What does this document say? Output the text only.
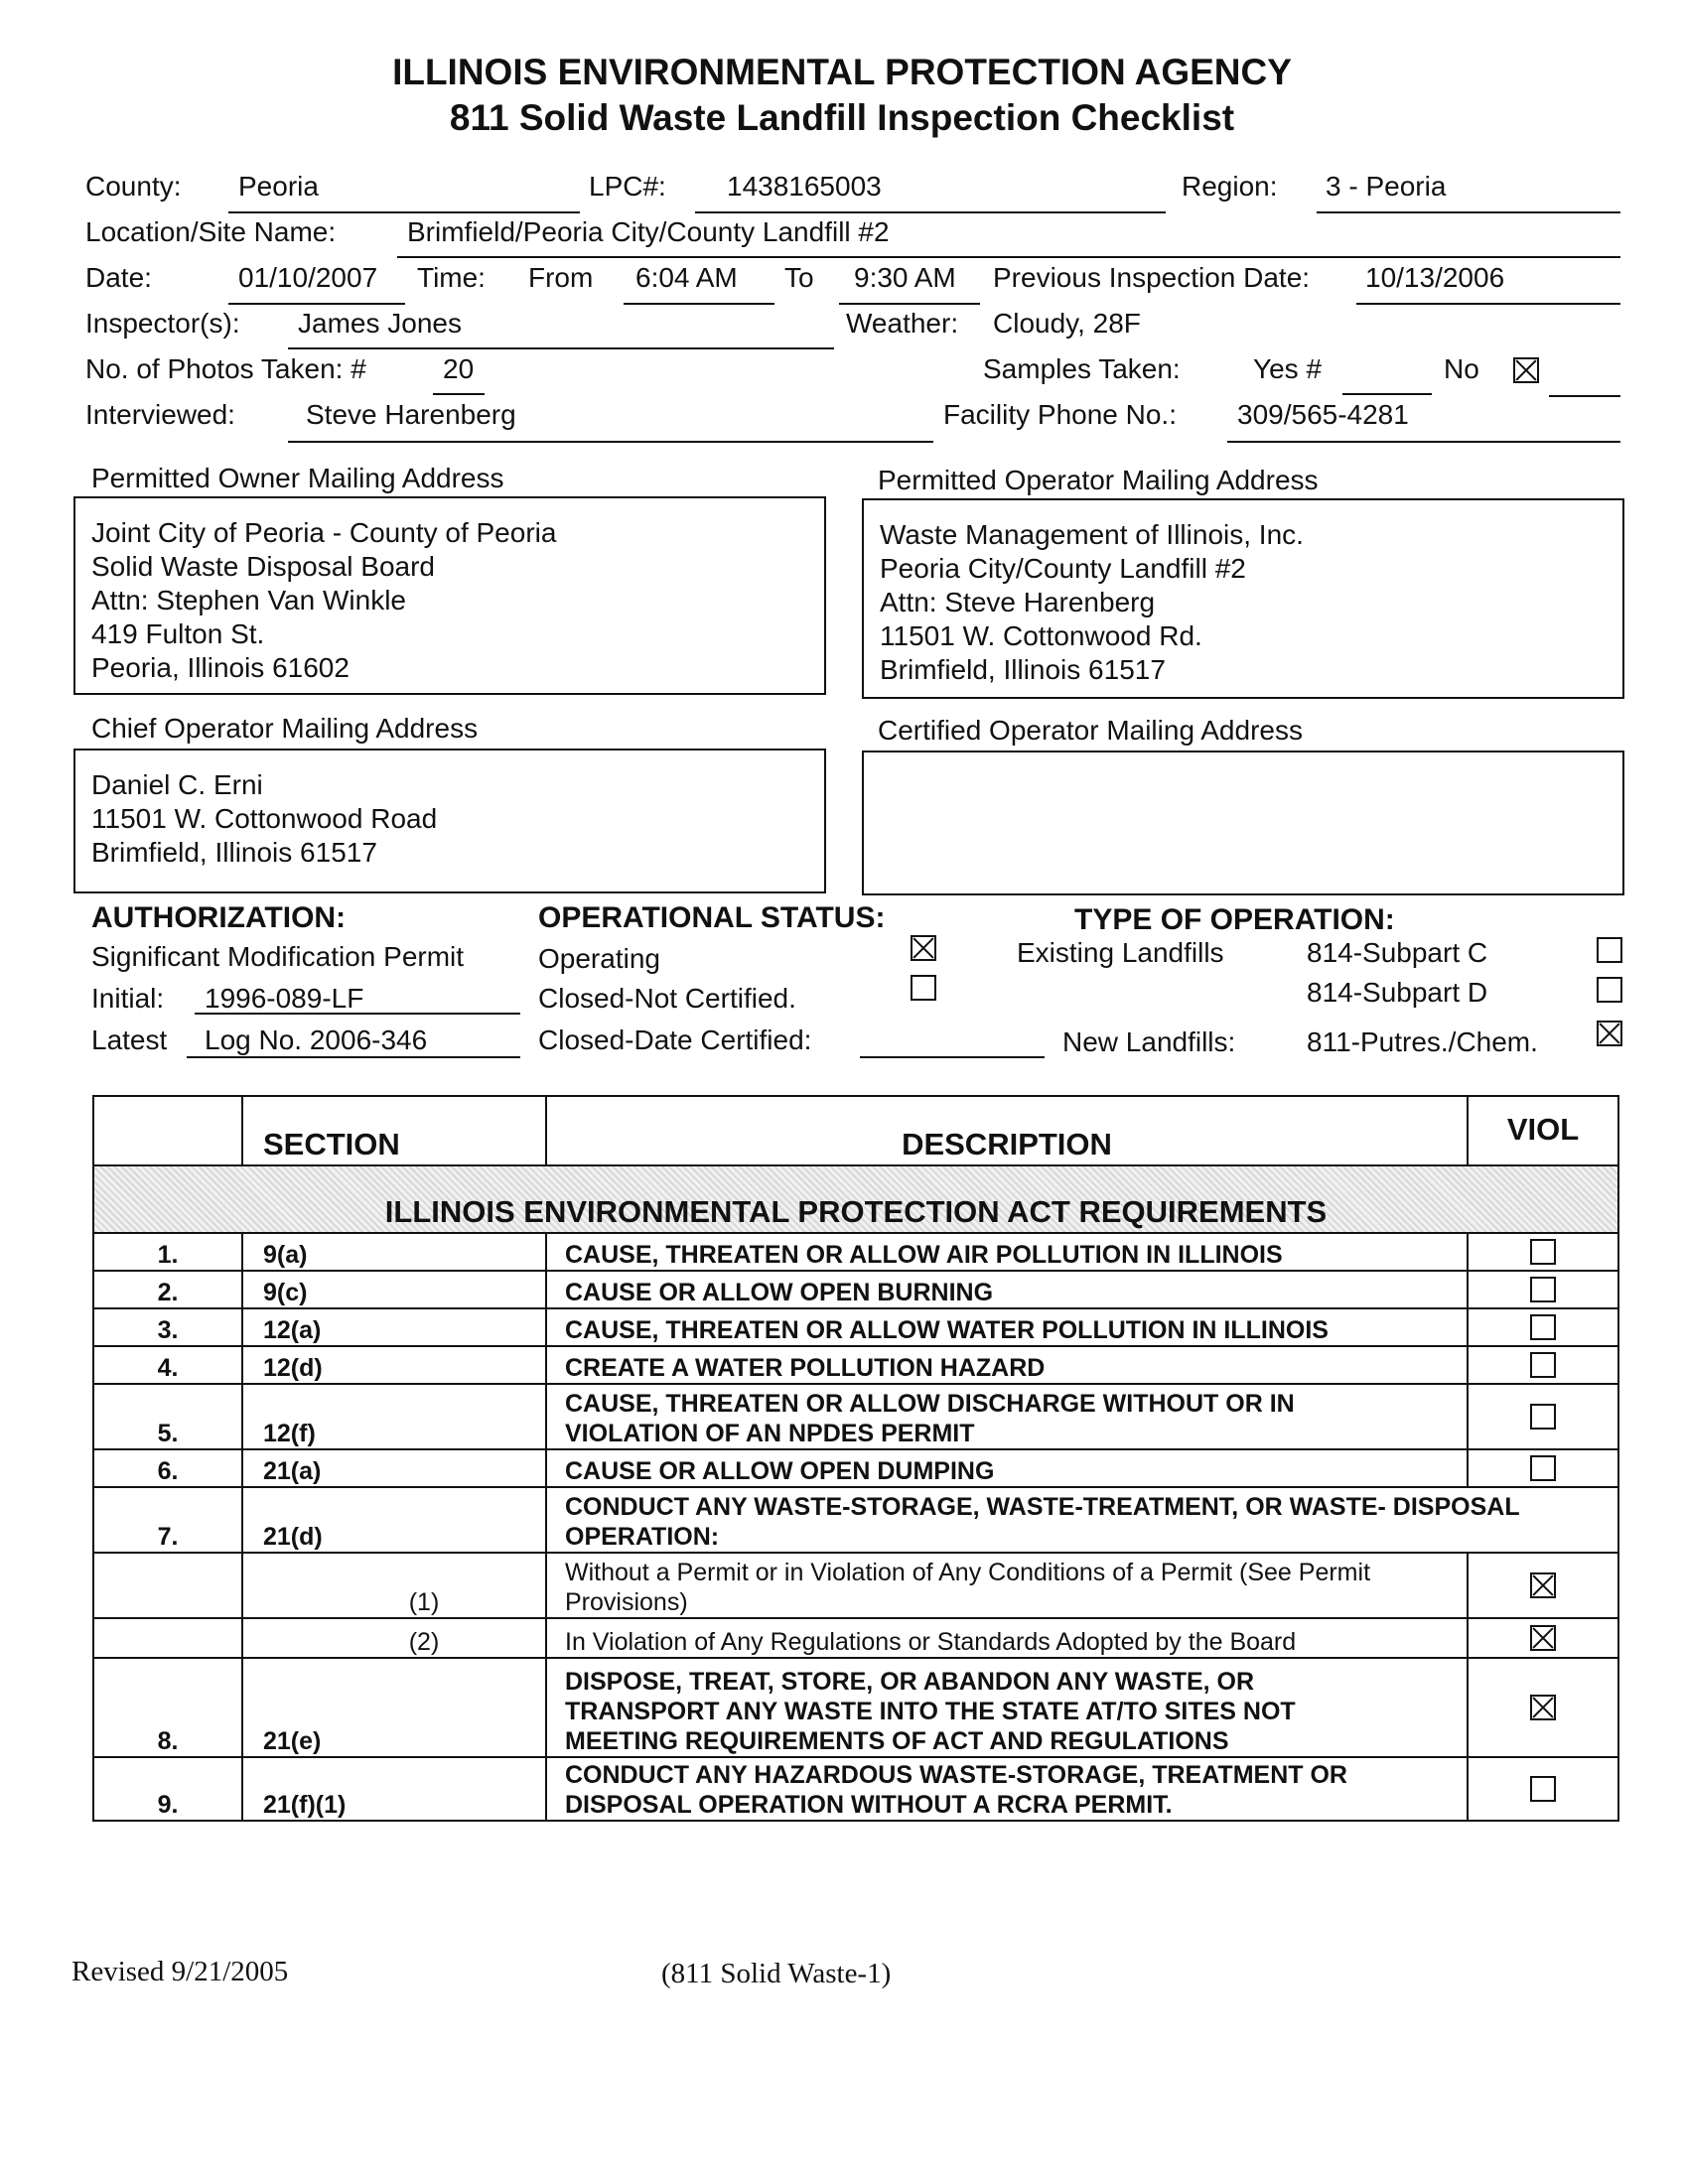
ILLINOIS ENVIRONMENTAL PROTECTION AGENCY
811 Solid Waste Landfill Inspection Checklist
County: Peoria	LPC#: 1438165003	Region: 3 - Peoria
Location/Site Name:	Brimfield/Peoria City/County Landfill #2
Date:	01/10/2007 Time: From 6:04 AM To 9:30 AM Previous Inspection Date: 10/13/2006
Inspector(s): James Jones	Weather: Cloudy, 28F
No. of Photos Taken: #	20	Samples Taken:	Yes #	No
Interviewed:	Steve Harenberg	Facility Phone No.: 309/565-4281
Permitted Owner Mailing Address
Joint City of Peoria - County of Peoria
Solid Waste Disposal Board
Attn: Stephen Van Winkle
419 Fulton St.
Peoria, Illinois 61602
Permitted Operator Mailing Address
Waste Management of Illinois, Inc.
Peoria City/County Landfill #2
Attn: Steve Harenberg
11501 W. Cottonwood Rd.
Brimfield, Illinois 61517
Chief Operator Mailing Address
Daniel C. Erni
11501 W. Cottonwood Road
Brimfield, Illinois 61517
Certified Operator Mailing Address
AUTHORIZATION:
Significant Modification Permit
Initial: 1996-089-LF
Latest Log No. 2006-346
OPERATIONAL STATUS:
Operating
Closed-Not Certified.
Closed-Date Certified:
TYPE OF OPERATION:
Existing Landfills	814-Subpart C
814-Subpart D
New Landfills:	811-Putres./Chem.
	SECTION	DESCRIPTION	VIOL
ILLINOIS ENVIRONMENTAL PROTECTION ACT REQUIREMENTS			
1.	9(a)	CAUSE, THREATEN OR ALLOW AIR POLLUTION IN ILLINOIS	

2.	9(c)	CAUSE OR ALLOW OPEN BURNING	

3.	12(a)	CAUSE, THREATEN OR ALLOW WATER POLLUTION IN ILLINOIS	

4.	12(d)	CREATE A WATER POLLUTION HAZARD	

5.	12(f)	CAUSE, THREATEN OR ALLOW DISCHARGE WITHOUT OR IN
VIOLATION OF AN NPDES PERMIT	

6.	21(a)	CAUSE OR ALLOW OPEN DUMPING	

7.	21(d)	CONDUCT ANY WASTE-STORAGE, WASTE-TREATMENT, OR WASTE- DISPOSAL
OPERATION:	

	(1)	Without a Permit or in Violation of Any Conditions of a Permit (See Permit
Provisions)	

	(2)	In Violation of Any Regulations or Standards Adopted by the Board	

8.	21(e)	DISPOSE, TREAT, STORE, OR ABANDON ANY WASTE, OR
TRANSPORT ANY WASTE INTO THE STATE AT/TO SITES NOT
MEETING REQUIREMENTS OF ACT AND REGULATIONS	

9.	21(f)(1)	CONDUCT ANY HAZARDOUS WASTE-STORAGE, TREATMENT OR
DISPOSAL OPERATION WITHOUT A RCRA PERMIT.	

Revised 9/21/2005	(811 Solid Waste-1)
